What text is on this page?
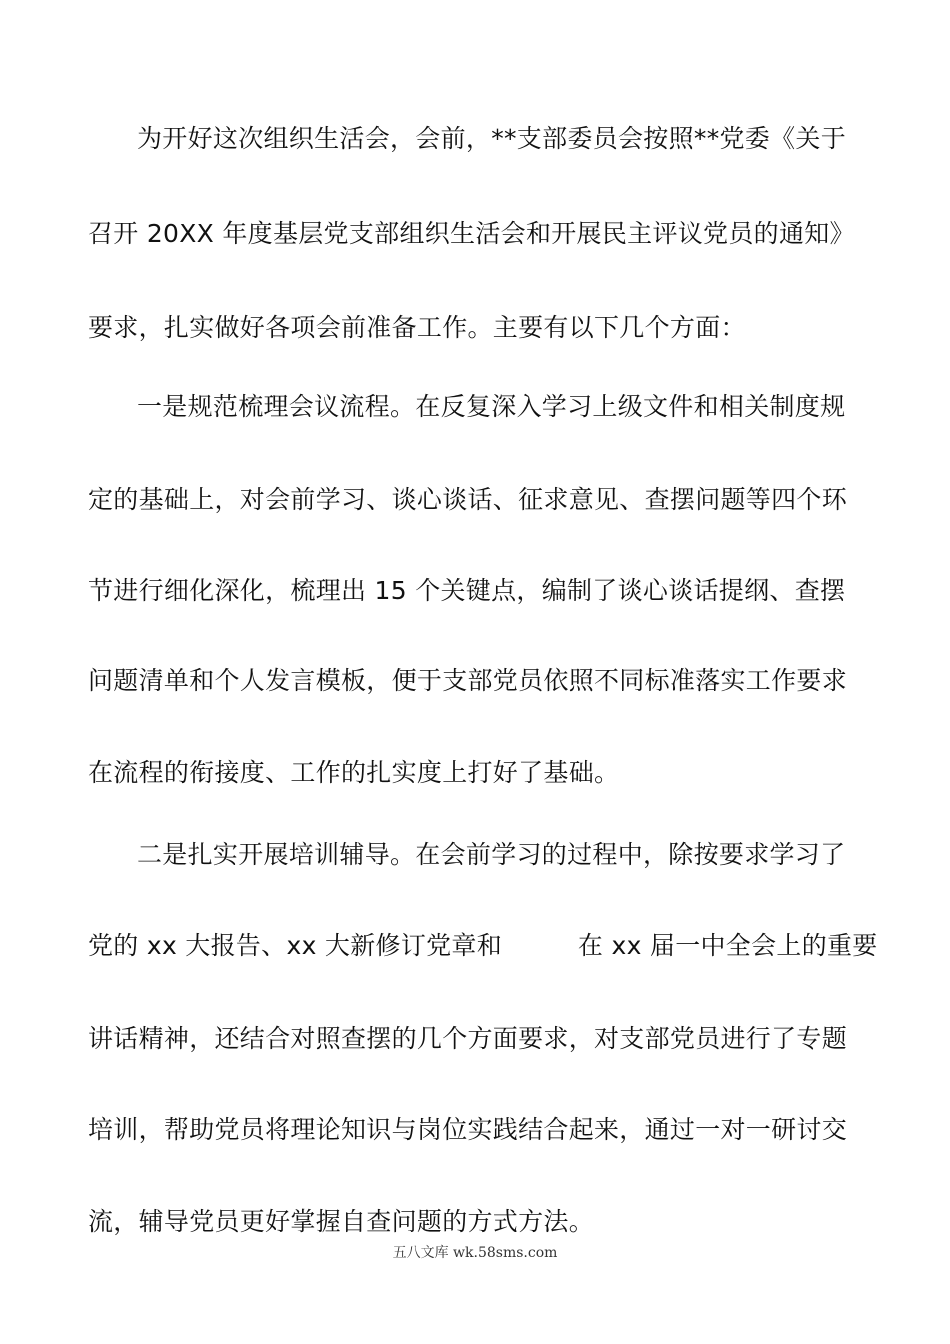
为开好这次组织生活会，会前，**支部委员会按照**党委《关于
召开 20XX 年度基层党支部组织生活会和开展民主评议党员的通知》
要求，扎实做好各项会前准备工作。主要有以下几个方面：
一是规范梳理会议流程。在反复深入学习上级文件和相关制度规
定的基础上，对会前学习、谈心谈话、征求意见、查摆问题等四个环
节进行细化深化，梳理出 15 个关键点，编制了谈心谈话提纲、查摆
问题清单和个人发言模板，便于支部党员依照不同标准落实工作要求
在流程的衔接度、工作的扎实度上打好了基础。
二是扎实开展培训辅导。在会前学习的过程中，除按要求学习了
党的 xx 大报告、xx 大新修订党章和　　　在 xx 届一中全会上的重要
讲话精神，还结合对照查摆的几个方面要求，对支部党员进行了专题
培训，帮助党员将理论知识与岗位实践结合起来，通过一对一研讨交
流，辅导党员更好掌握自查问题的方式方法。
五八文库 wk.58sms.com
